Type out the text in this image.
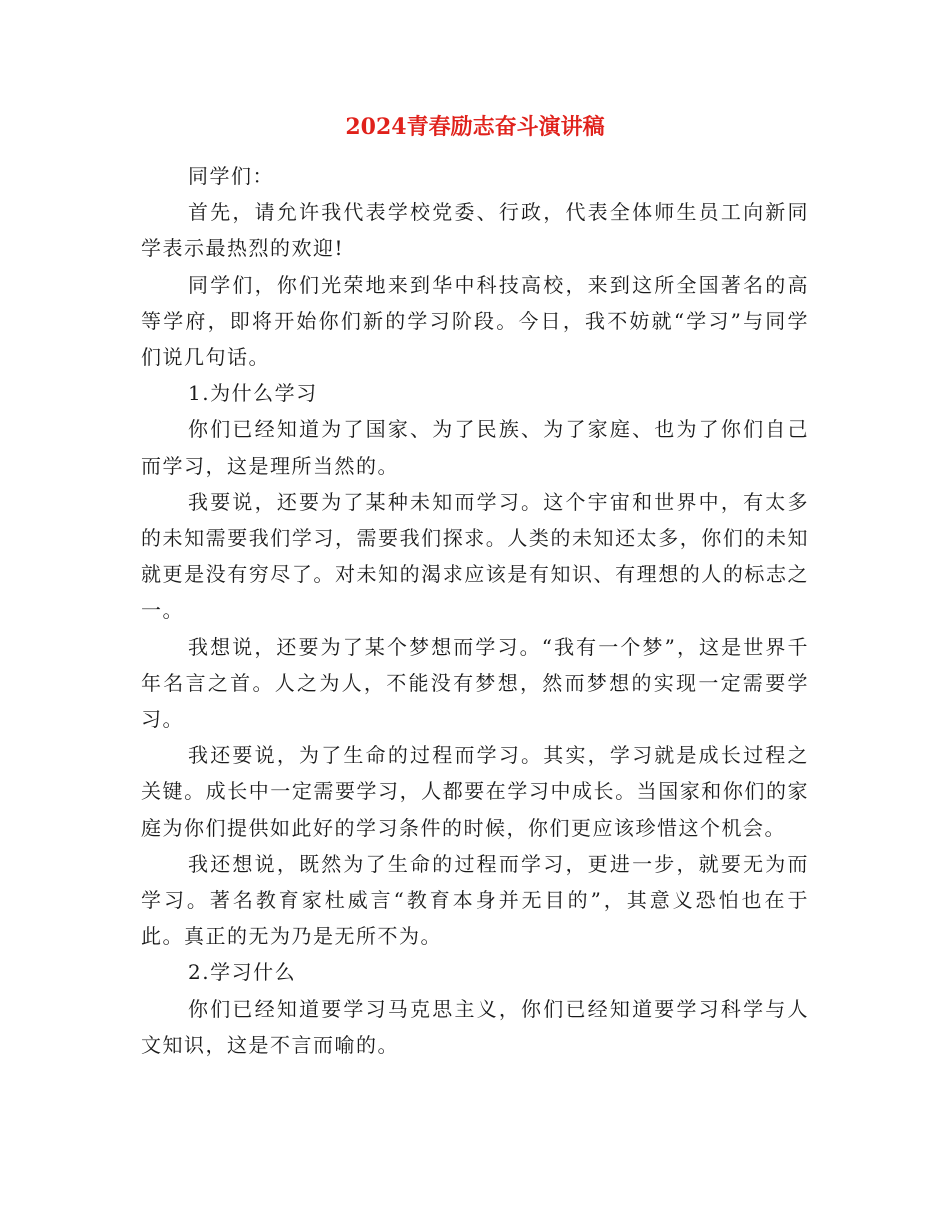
2024青春励志奋斗演讲稿

同学们：

首先，请允许我代表学校党委、行政，代表全体师生员工向新同学表示最热烈的欢迎!

同学们，你们光荣地来到华中科技高校，来到这所全国著名的高等学府，即将开始你们新的学习阶段。今日，我不妨就“学习”与同学们说几句话。

1.为什么学习

你们已经知道为了国家、为了民族、为了家庭、也为了你们自己而学习，这是理所当然的。

我要说，还要为了某种未知而学习。这个宇宙和世界中，有太多的未知需要我们学习，需要我们探求。人类的未知还太多，你们的未知就更是没有穷尽了。对未知的渴求应该是有知识、有理想的人的标志之一。

我想说，还要为了某个梦想而学习。“我有一个梦”，这是世界千年名言之首。人之为人，不能没有梦想，然而梦想的实现一定需要学习。

我还要说，为了生命的过程而学习。其实，学习就是成长过程之关键。成长中一定需要学习，人都要在学习中成长。当国家和你们的家庭为你们提供如此好的学习条件的时候，你们更应该珍惜这个机会。

我还想说，既然为了生命的过程而学习，更进一步，就要无为而学习。著名教育家杜威言“教育本身并无目的”，其意义恐怕也在于此。真正的无为乃是无所不为。

2.学习什么

你们已经知道要学习马克思主义，你们已经知道要学习科学与人文知识，这是不言而喻的。
